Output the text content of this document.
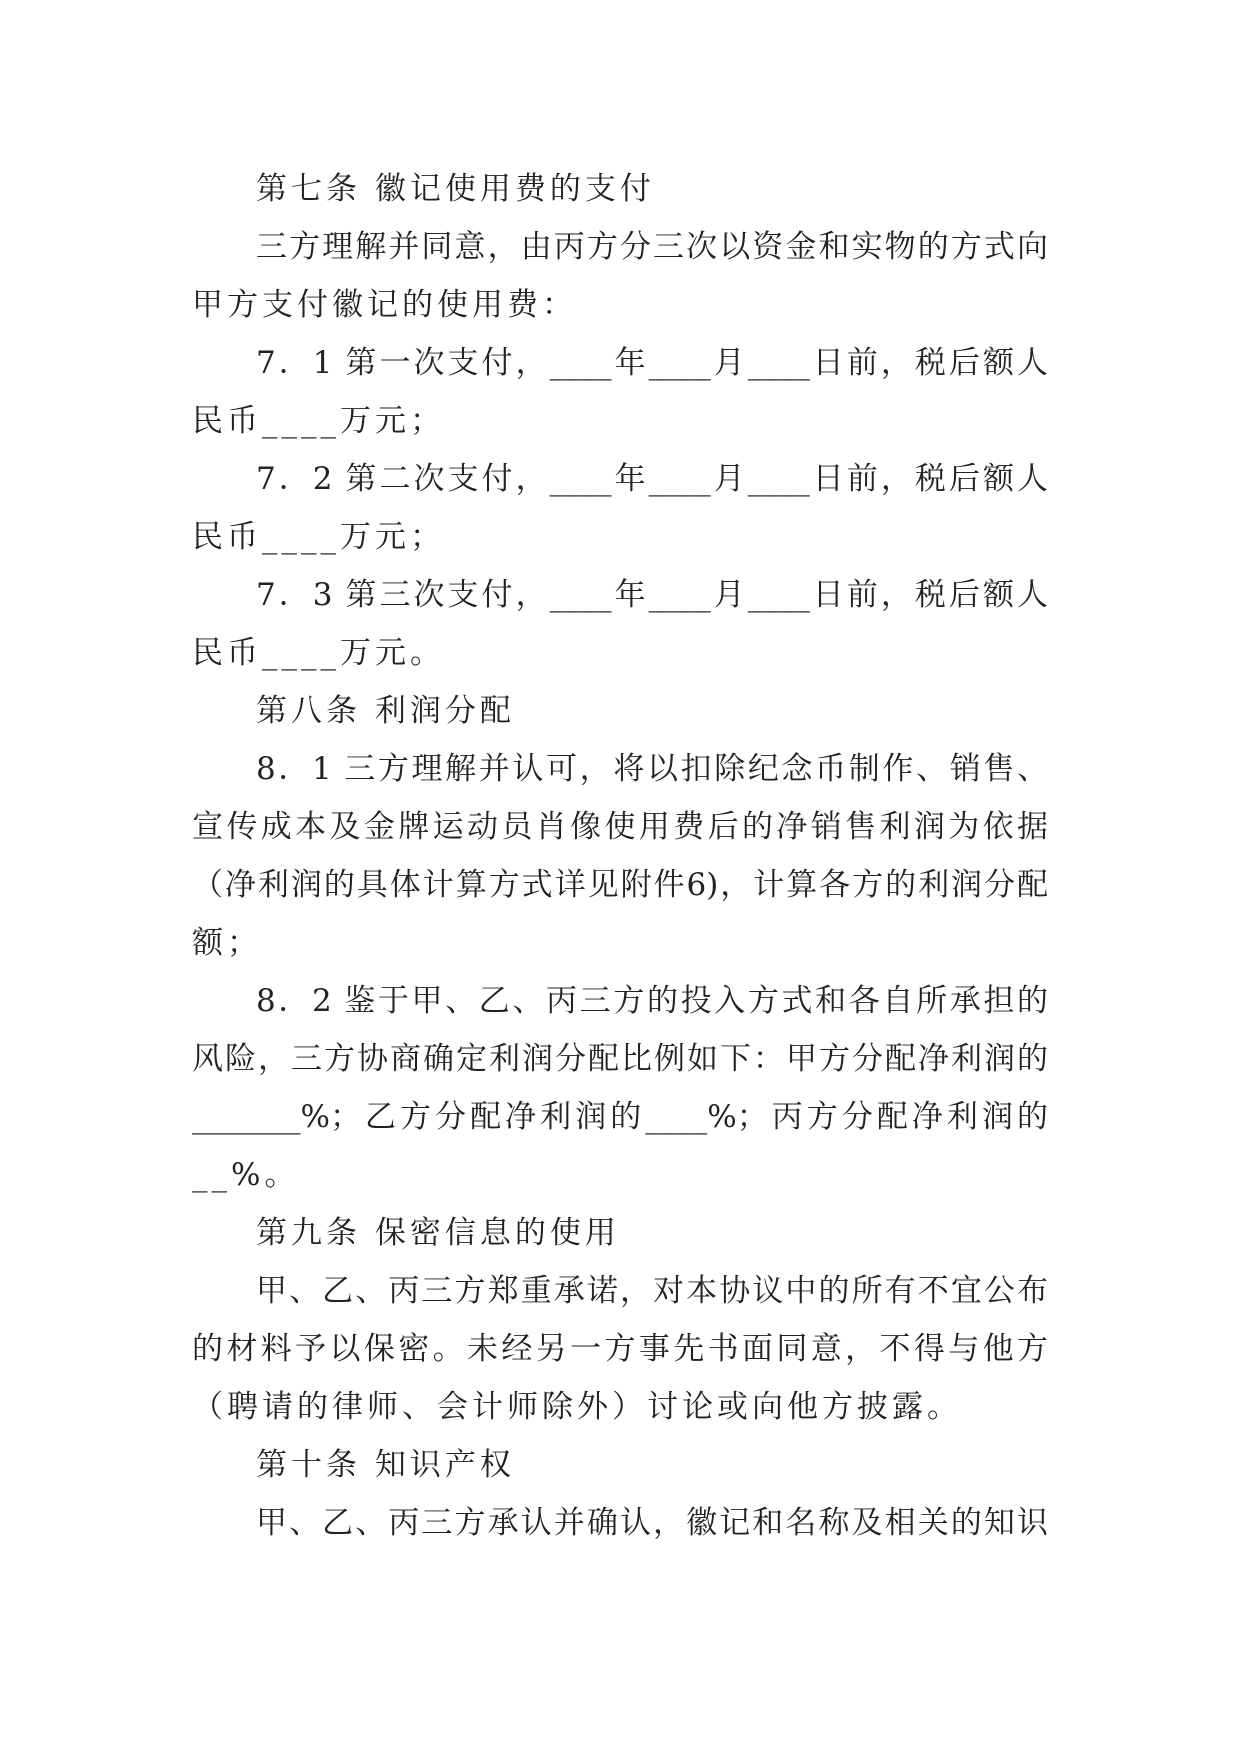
第七条 徽记使用费的支付
三方理解并同意，由丙方分三次以资金和实物的方式向
甲方支付徽记的使用费：
7．1 第一次支付，____年____月____日前，税后额人
民币____万元；
7．2 第二次支付，____年____月____日前，税后额人
民币____万元；
7．3 第三次支付，____年____月____日前，税后额人
民币____万元。
第八条 利润分配
8．1 三方理解并认可，将以扣除纪念币制作、销售、
宣传成本及金牌运动员肖像使用费后的净销售利润为依据
（净利润的具体计算方式详见附件6)，计算各方的利润分配
额；
8．2 鉴于甲、乙、丙三方的投入方式和各自所承担的
风险，三方协商确定利润分配比例如下：甲方分配净利润的
_______%；乙方分配净利润的____%；丙方分配净利润的
__%。
第九条 保密信息的使用
甲、乙、丙三方郑重承诺，对本协议中的所有不宜公布
的材料予以保密。未经另一方事先书面同意，不得与他方
（聘请的律师、会计师除外）讨论或向他方披露。
第十条 知识产权
甲、乙、丙三方承认并确认，徽记和名称及相关的知识
